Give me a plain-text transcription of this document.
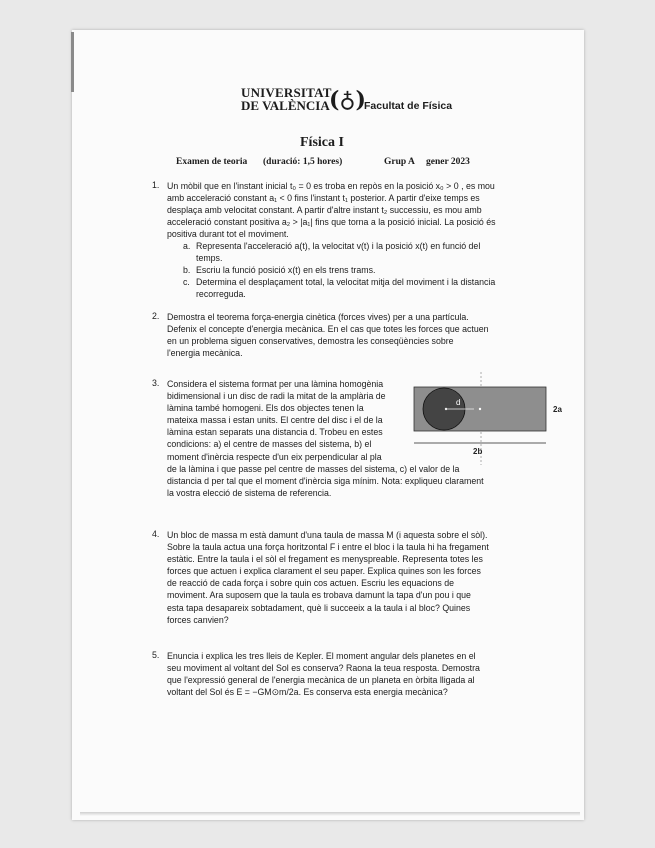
UNIVERSITAT
DE VALÈNCIA (♁)
Facultat de Física
Física I
Examen de teoria (duració: 1,5 hores)	Grup A gener 2023
1. Un mòbil que en l'instant inicial t₀ = 0 es troba en repòs en la posició x₀ > 0 , es mou
amb acceleració constant a₁ < 0 fins l'instant t₁ posterior. A partir d'eixe temps es
desplaça amb velocitat constant. A partir d'altre instant t₂ successiu, es mou amb
acceleració constant positiva a₂ > |a₁| fins que torna a la posició inicial. La posició és
positiva durant tot el moviment.
a. Representa l'acceleració a(t), la velocitat v(t) i la posició x(t) en funció del
temps.
b. Escriu la funció posició x(t) en els trens trams.
c. Determina el desplaçament total, la velocitat mitja del moviment i la distancia
recorreguda.
2. Demostra el teorema força-energia cinètica (forces vives) per a una partícula.
Defenix el concepte d'energia mecànica. En el cas que totes les forces que actuen
en un problema siguen conservatives, demostra les conseqüències sobre
l'energia mecànica.
3. Considera el sistema format per una làmina homogènia
bidimensional i un disc de radi la mitat de la amplària de
làmina també homogeni. Els dos objectes tenen la
mateixa massa i estan units. El centre del disc i el de la
làmina estan separats una distancia d. Trobeu en estes
condicions: a) el centre de masses del sistema, b) el
moment d'inèrcia respecte d'un eix perpendicular al pla
de la làmina i que passe pel centre de masses del sistema, c) el valor de la
distancia d per tal que el moment d'inèrcia siga mínim. Nota: expliqueu clarament
la vostra elecció de sistema de referencia.
d
2b
2a
4. Un bloc de massa m està damunt d'una taula de massa M (i aquesta sobre el sòl).
Sobre la taula actua una força horitzontal F i entre el bloc i la taula hi ha fregament
estàtic. Entre la taula i el sòl el fregament es menyspreable. Representa totes les
forces que actuen i explica clarament el seu paper. Explica quines son les forces
de reacció de cada força i sobre quin cos actuen. Escriu les equacions de
moviment. Ara suposem que la taula es trobava damunt la tapa d'un pou i que
esta tapa desapareix sobtadament, què li succeeix a la taula i al bloc? Quines
forces canvien?
5. Enuncia i explica les tres lleis de Kepler. El moment angular dels planetes en el
seu moviment al voltant del Sol es conserva? Raona la teua resposta. Demostra
que l'expressió general de l'energia mecànica de un planeta en òrbita lligada al
voltant del Sol és E = −GM⊙m/2a. Es conserva esta energia mecànica?
